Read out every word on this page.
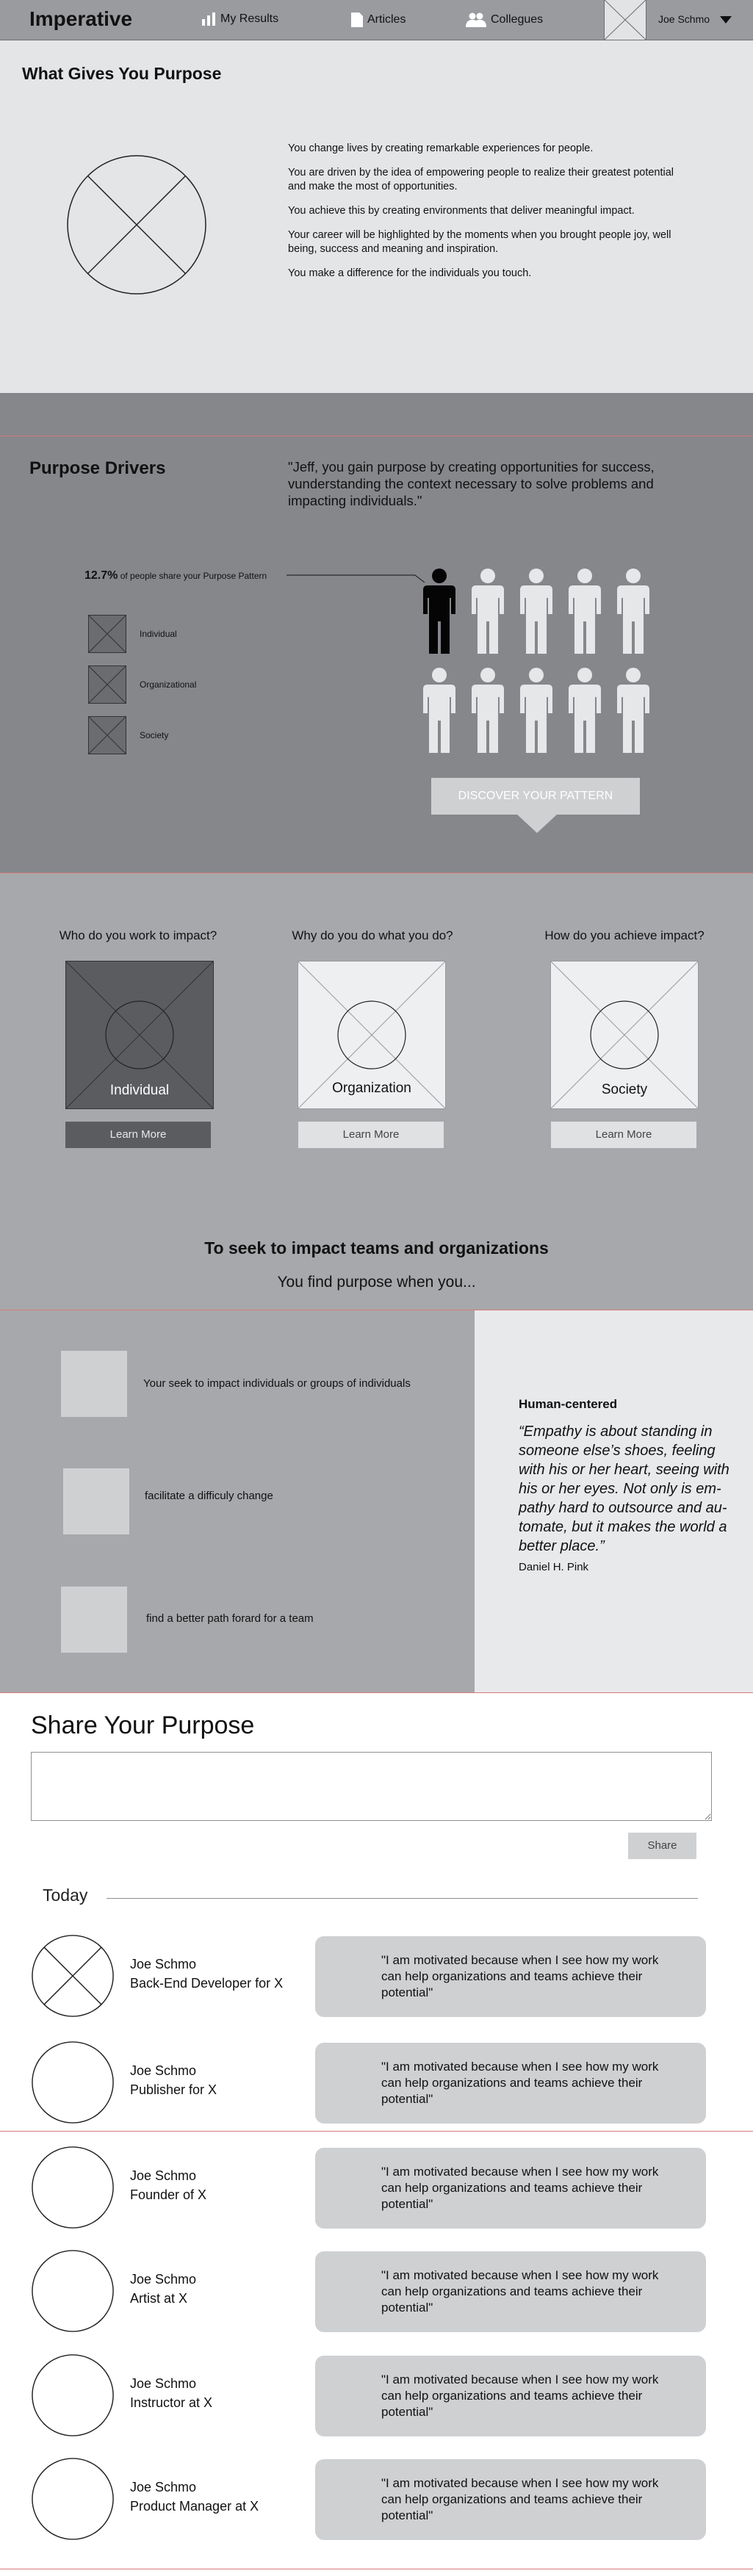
Imperative	My Results	Articles	Collegues	Joe Schmo
What Gives You Purpose

You change lives by creating remarkable experiences for people.

You are driven by the idea of empowering people to realize their greatest potential and make the most of opportunities.

You achieve this by creating environments that deliver meaningful impact.

Your career will be highlighted by the moments when you brought people joy, well being, success and meaning and inspiration.

You make a difference for the individuals you touch.

Purpose Drivers	"Jeff, you gain purpose by creating opportunities for success, vunderstanding the context necessary to solve problems and impacting individuals."
12.7% of people share your Purpose Pattern
Individual
Organizational
Society
DISCOVER YOUR PATTERN
Who do you work to impact?	Why do you do what you do?	How do you achieve impact?
Individual	Organization	Society
Learn More	Learn More	Learn More
To seek to impact teams and organizations
You find purpose when you...
Your seek to impact individuals or groups of individuals
facilitate a difficuly change
find a better path forard for a team
Human-centered
“Empathy is about standing in someone else’s shoes, feeling with his or her heart, seeing with his or her eyes. Not only is em- pathy hard to outsource and au- tomate, but it makes the world a better place.”
Daniel H. Pink
Share Your Purpose
Share
Today
Joe Schmo
Back-End Developer for X
"I am motivated because when I see how my work can help organizations and teams achieve their potential"
Joe Schmo
Publisher for X
"I am motivated because when I see how my work can help organizations and teams achieve their potential"
Joe Schmo
Founder of X
"I am motivated because when I see how my work can help organizations and teams achieve their potential"
Joe Schmo
Artist at X
"I am motivated because when I see how my work can help organizations and teams achieve their potential"
Joe Schmo
Instructor at X
"I am motivated because when I see how my work can help organizations and teams achieve their potential"
Joe Schmo
Product Manager at X
"I am motivated because when I see how my work can help organizations and teams achieve their potential"
